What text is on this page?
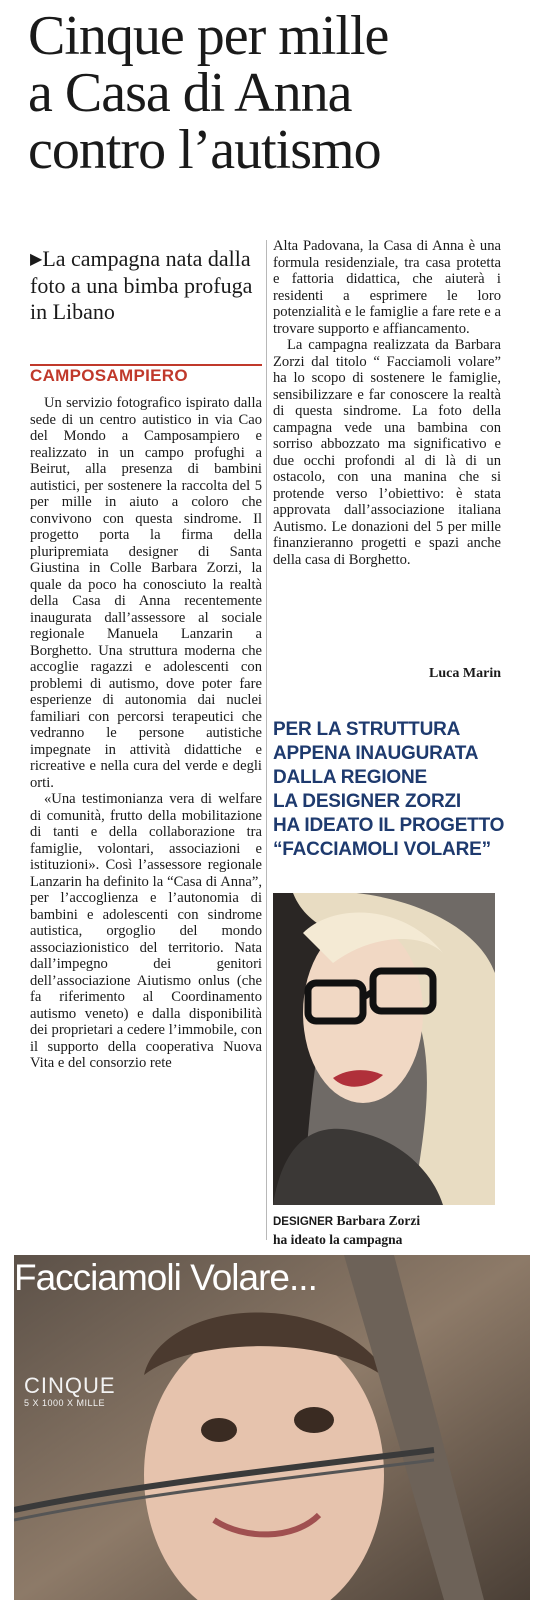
Cinque per mille
a Casa di Anna
contro l’autismo
▶La campagna nata dalla foto a una bimba profuga in Libano
CAMPOSAMPIERO

Un servizio fotografico ispirato dalla sede di un centro autistico in via Cao del Mondo a Camposampiero e realizzato in un campo profughi a Beirut, alla presenza di bambini autistici, per sostenere la raccolta del 5 per mille in aiuto a coloro che convivono con questa sindrome. Il progetto porta la firma della pluripremiata designer di Santa Giustina in Colle Barbara Zorzi, la quale da poco ha conosciuto la realtà della Casa di Anna recentemente inaugurata dall’assessore al sociale regionale Manuela Lanzarin a Borghetto. Una struttura moderna che accoglie ragazzi e adolescenti con problemi di autismo, dove poter fare esperienze di autonomia dai nuclei familiari con percorsi terapeutici che vedranno le persone autistiche impegnate in attività didattiche e ricreative e nella cura del verde e degli orti.

«Una testimonianza vera di welfare di comunità, frutto della mobilitazione di tanti e della collaborazione tra famiglie, volontari, associazioni e istituzioni». Così l’assessore regionale Lanzarin ha definito la “Casa di Anna”, per l’accoglienza e l’autonomia di bambini e adolescenti con sindrome autistica, orgoglio del mondo associazionistico del territorio. Nata dall’impegno dei genitori dell’associazione Aiutismo onlus (che fa riferimento al Coordinamento autismo veneto) e dalla disponibilità dei proprietari a cedere l’immobile, con il supporto della cooperativa Nuova Vita e del consorzio rete

Alta Padovana, la Casa di Anna è una formula residenziale, tra casa protetta e fattoria didattica, che aiuterà i residenti a esprimere le loro potenzialità e le famiglie a fare rete e a trovare supporto e affiancamento.

La campagna realizzata da Barbara Zorzi dal titolo “ Facciamoli volare” ha lo scopo di sostenere le famiglie, sensibilizzare e far conoscere la realtà di questa sindrome. La foto della campagna vede una bambina con sorriso abbozzato ma significativo e due occhi profondi al di là di un ostacolo, con una manina che si protende verso l’obiettivo: è stata approvata dall’associazione italiana Autismo. Le donazioni del 5 per mille finanzieranno progetti e spazi anche della casa di Borghetto.

Luca Marin
PER LA STRUTTURA
APPENA INAUGURATA
DALLA REGIONE
LA DESIGNER ZORZI
HA IDEATO IL PROGETTO
“FACCIAMOLI VOLARE”
DESIGNER Barbara Zorzi
ha ideato la campagna
Facciamoli Volare...
CINQUE
5 X 1000 X MILLE
